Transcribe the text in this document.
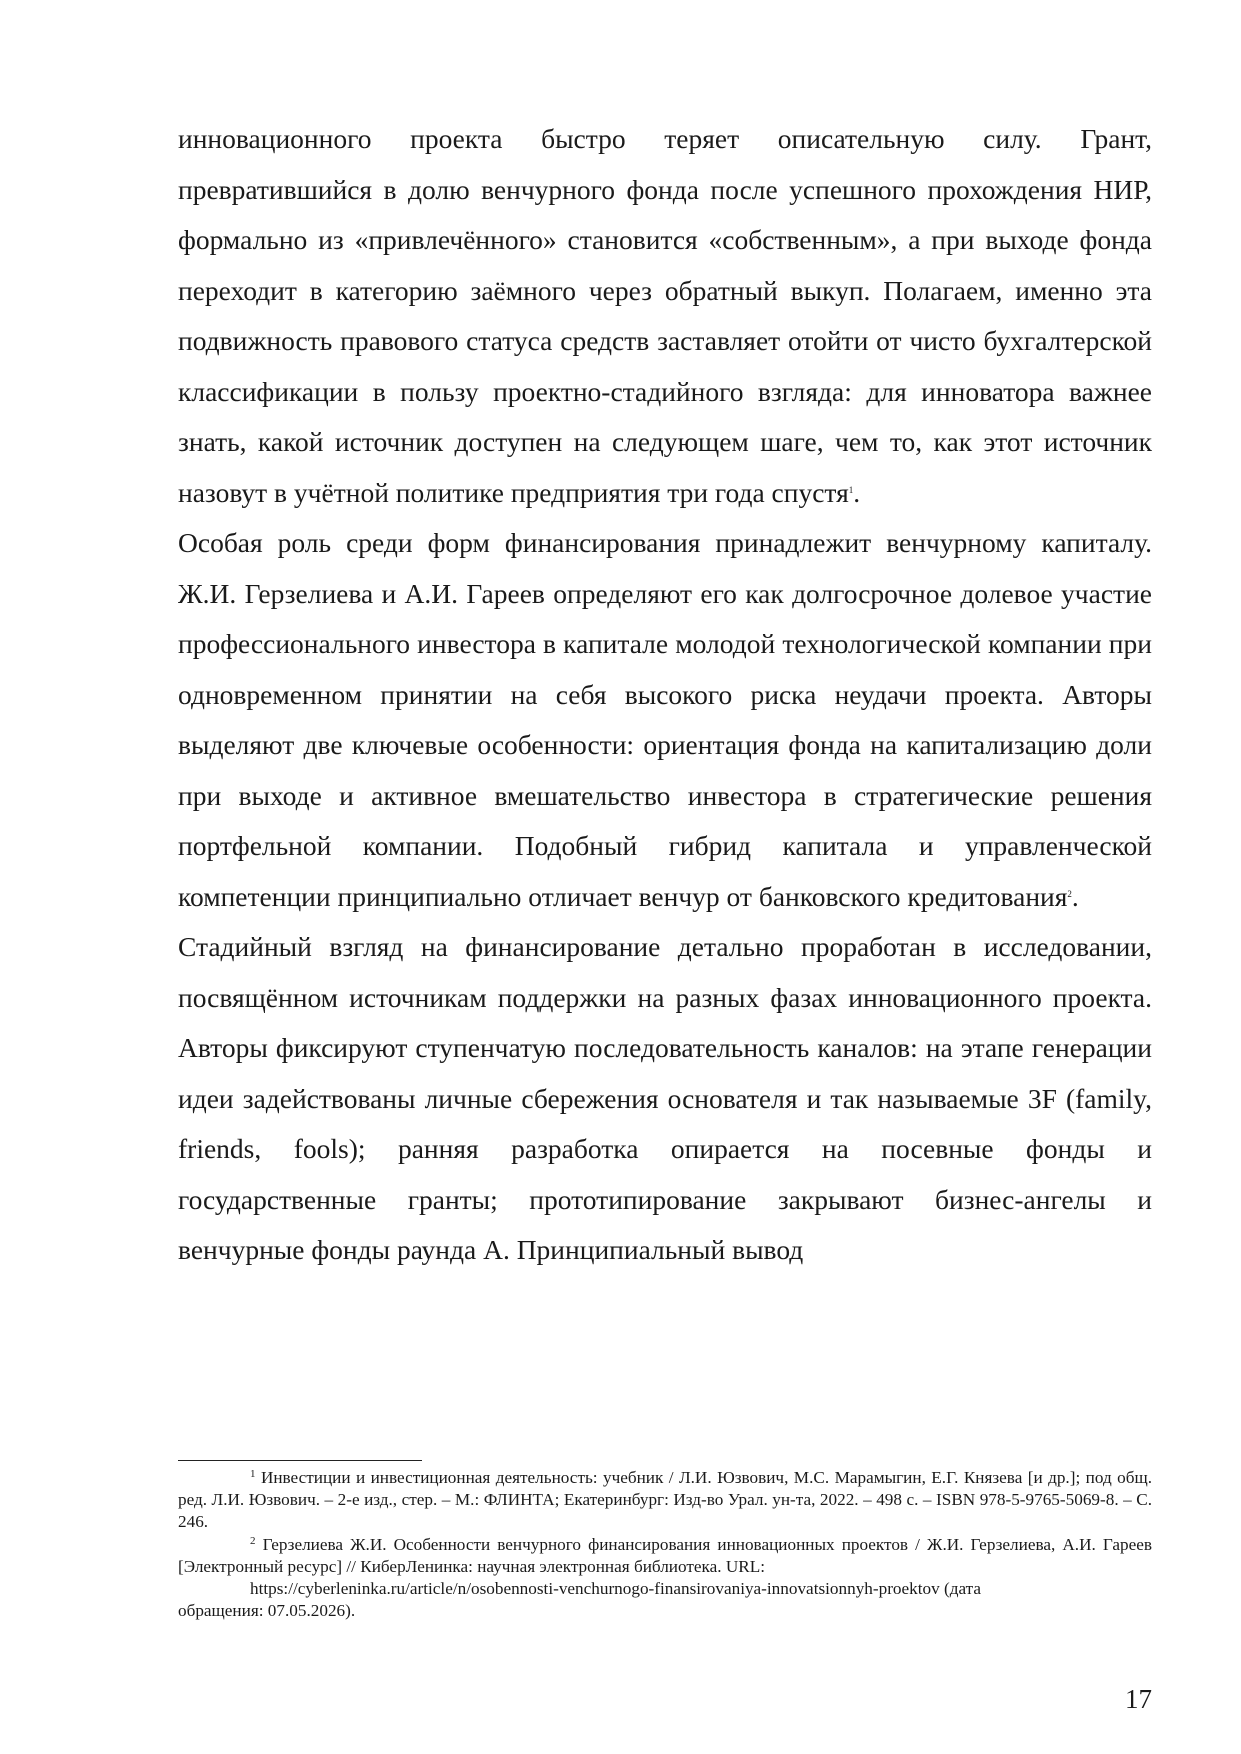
инновационного проекта быстро теряет описательную силу. Грант, превратившийся в долю венчурного фонда после успешного прохождения НИР, формально из «привлечённого» становится «собственным», а при выходе фонда переходит в категорию заёмного через обратный выкуп. Полагаем, именно эта подвижность правового статуса средств заставляет отойти от чисто бухгалтерской классификации в пользу проектно-стадийного взгляда: для инноватора важнее знать, какой источник доступен на следующем шаге, чем то, как этот источник назовут в учётной политике предприятия три года спустя$^1$.

Особая роль среди форм финансирования принадлежит венчурному капиталу. Ж.И. Герзелиева и А.И. Гареев определяют его как долгосрочное долевое участие профессионального инвестора в капитале молодой технологической компании при одновременном принятии на себя высокого риска неудачи проекта. Авторы выделяют две ключевые особенности: ориентация фонда на капитализацию доли при выходе и активное вмешательство инвестора в стратегические решения портфельной компании. Подобный гибрид капитала и управленческой компетенции принципиально отличает венчур от банковского кредитования$^2$.

Стадийный взгляд на финансирование детально проработан в исследовании, посвящённом источникам поддержки на разных фазах инновационного проекта. Авторы фиксируют ступенчатую последовательность каналов: на этапе генерации идеи задействованы личные сбережения основателя и так называемые 3F (family, friends, fools); ранняя разработка опирается на посевные фонды и государственные гранты; прототипирование закрывают бизнес-ангелы и венчурные фонды раунда А. Принципиальный вывод

$^1$ Инвестиции и инвестиционная деятельность: учебник / Л.И. Юзвович, М.С. Марамыгин, Е.Г. Князева [и др.]; под общ. ред. Л.И. Юзвович. – 2-е изд., стер. – М.: ФЛИНТА; Екатеринбург: Изд-во Урал. ун-та, 2022. – 498 с. – ISBN 978-5-9765-5069-8. – С. 246.

$^2$ Герзелиева Ж.И. Особенности венчурного финансирования инновационных проектов / Ж.И. Герзелиева, А.И. Гареев [Электронный ресурс] // КиберЛенинка: научная электронная библиотека. URL:

https://cyberleninka.ru/article/n/osobennosti-venchurnogo-finansirovaniya-innovatsionnyh-proektov (дата

обращения: 07.05.2026).

17
